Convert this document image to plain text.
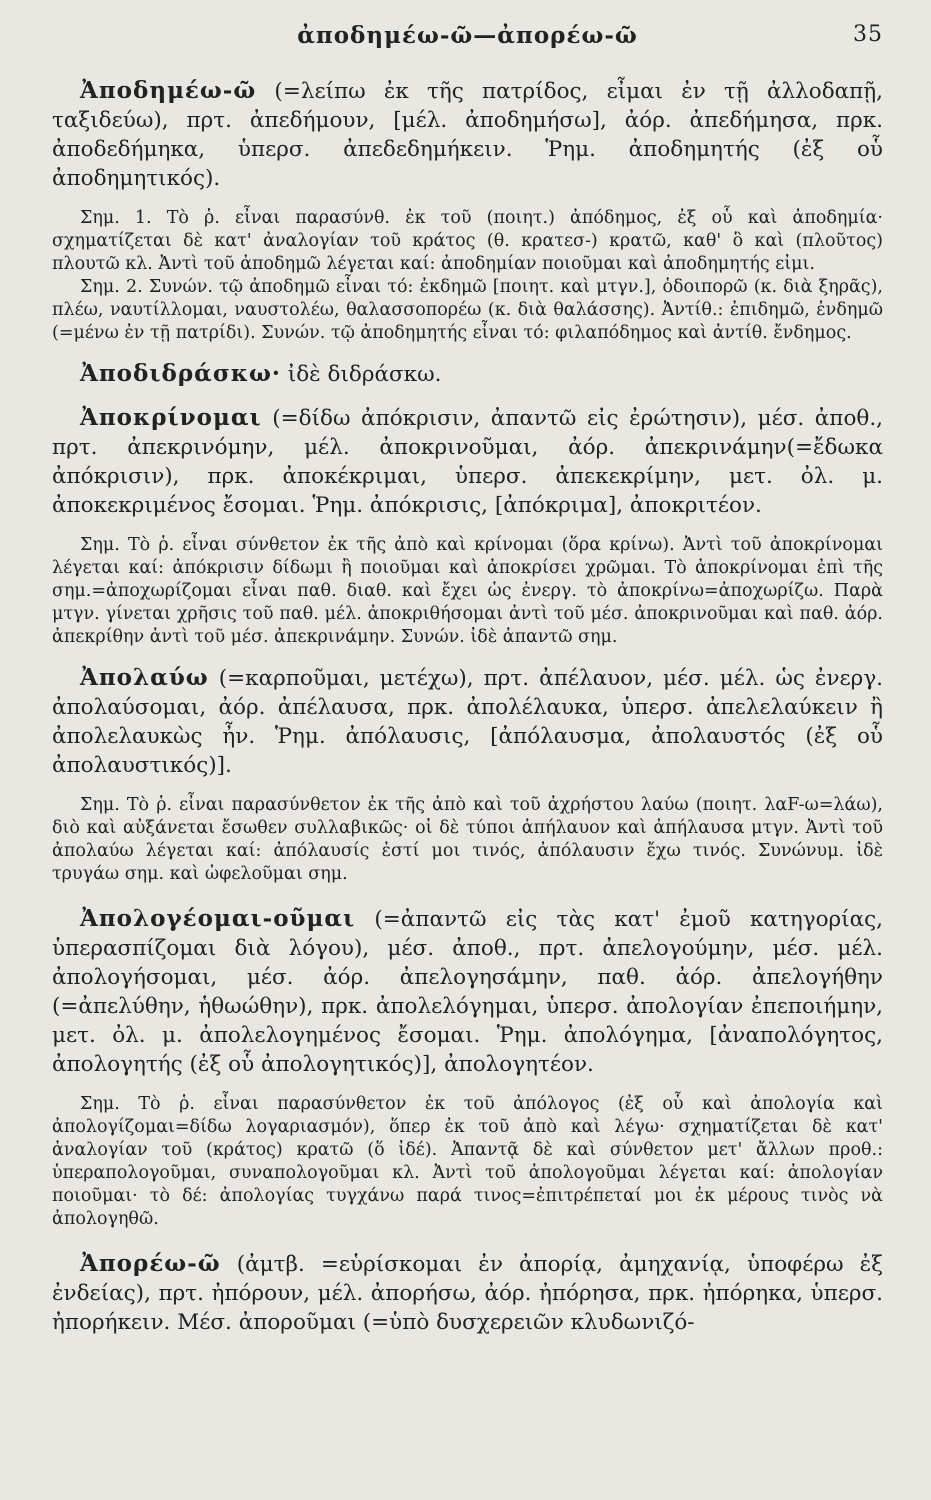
ἀποδημέω-ῶ—ἀπορέω-ῶ	35

Ἀποδημέω-ῶ (=λείπω ἐκ τῆς πατρίδος, εἶμαι ἐν τῇ ἀλλοδαπῇ, ταξιδεύω), πρτ. ἀπεδήμουν, [μέλ. ἀποδημήσω], ἀόρ. ἀπεδήμησα, πρκ. ἀποδεδήμηκα, ὑπερσ. ἀπεδεδημήκειν. Ῥημ. ἀποδημητής (ἐξ οὗ ἀποδημητικός).

Σημ. 1. Τὸ ῥ. εἶναι παρασύνθ. ἐκ τοῦ (ποιητ.) ἀπόδημος, ἐξ οὗ καὶ ἀποδημία· σχηματίζεται δὲ κατ' ἀναλογίαν τοῦ κράτος (θ. κρατεσ-) κρατῶ, καθ' ὃ καὶ (πλοῦτος) πλουτῶ κλ. Ἀντὶ τοῦ ἀποδημῶ λέγεται καί: ἀποδημίαν ποιοῦμαι καὶ ἀποδημητής εἰμι.

Σημ. 2. Συνών. τῷ ἀποδημῶ εἶναι τό: ἐκδημῶ [ποιητ. καὶ μτγν.], ὁδοιπορῶ (κ. διὰ ξηρᾶς), πλέω, ναυτίλλομαι, ναυστολέω, θαλασσοπορέω (κ. διὰ θαλάσσης). Ἀντίθ.: ἐπιδημῶ, ἐνδημῶ (=μένω ἐν τῇ πατρίδι). Συνών. τῷ ἀποδημητής εἶναι τό: φιλαπόδημος καὶ ἀντίθ. ἔνδημος.

Ἀποδιδράσκω· ἰδὲ διδράσκω.

Ἀποκρίνομαι (=δίδω ἀπόκρισιν, ἀπαντῶ εἰς ἐρώτησιν), μέσ. ἀποθ., πρτ. ἀπεκρινόμην, μέλ. ἀποκρινοῦμαι, ἀόρ. ἀπεκρινάμην(=ἔδωκα ἀπόκρισιν), πρκ. ἀποκέκριμαι, ὑπερσ. ἀπεκεκρίμην, μετ. ὀλ. μ. ἀποκεκριμένος ἔσομαι. Ῥημ. ἀπόκρισις, [ἀπόκριμα], ἀποκριτέον.

Σημ. Τὸ ῥ. εἶναι σύνθετον ἐκ τῆς ἀπὸ καὶ κρίνομαι (ὅρα κρίνω). Ἀντὶ τοῦ ἀποκρίνομαι λέγεται καί: ἀπόκρισιν δίδωμι ἢ ποιοῦμαι καὶ ἀποκρίσει χρῶμαι. Τὸ ἀποκρίνομαι ἐπὶ τῆς σημ.=ἀποχωρίζομαι εἶναι παθ. διαθ. καὶ ἔχει ὡς ἐνεργ. τὸ ἀποκρίνω=ἀποχωρίζω. Παρὰ μτγν. γίνεται χρῆσις τοῦ παθ. μέλ. ἀποκριθήσομαι ἀντὶ τοῦ μέσ. ἀποκρινοῦμαι καὶ παθ. ἀόρ. ἀπεκρίθην ἀντὶ τοῦ μέσ. ἀπεκρινάμην. Συνών. ἰδὲ ἀπαντῶ σημ.

Ἀπολαύω (=καρποῦμαι, μετέχω), πρτ. ἀπέλαυον, μέσ. μέλ. ὡς ἐνεργ. ἀπολαύσομαι, ἀόρ. ἀπέλαυσα, πρκ. ἀπολέλαυκα, ὑπερσ. ἀπελελαύκειν ἢ ἀπολελαυκὼς ἦν. Ῥημ. ἀπόλαυσις, [ἀπόλαυσμα, ἀπολαυστός (ἐξ οὗ ἀπολαυστικός)].

Σημ. Τὸ ῥ. εἶναι παρασύνθετον ἐκ τῆς ἀπὸ καὶ τοῦ ἀχρήστου λαύω (ποιητ. λαF-ω=λάω), διὸ καὶ αὐξάνεται ἔσωθεν συλλαβικῶς· οἱ δὲ τύποι ἀπήλαυον καὶ ἀπήλαυσα μτγν. Ἀντὶ τοῦ ἀπολαύω λέγεται καί: ἀπόλαυσίς ἐστί μοι τινός, ἀπόλαυσιν ἔχω τινός. Συνώνυμ. ἰδὲ τρυγάω σημ. καὶ ὠφελοῦμαι σημ.

Ἀπολογέομαι-οῦμαι (=ἀπαντῶ εἰς τὰς κατ' ἐμοῦ κατηγορίας, ὑπερασπίζομαι διὰ λόγου), μέσ. ἀποθ., πρτ. ἀπελογούμην, μέσ. μέλ. ἀπολογήσομαι, μέσ. ἀόρ. ἀπελογησάμην, παθ. ἀόρ. ἀπελογήθην (=ἀπελύθην, ἡθωώθην), πρκ. ἀπολελόγημαι, ὑπερσ. ἀπολογίαν ἐπεποιήμην, μετ. ὀλ. μ. ἀπολελογημένος ἔσομαι. Ῥημ. ἀπολόγημα, [ἀναπολόγητος, ἀπολογητής (ἐξ οὗ ἀπολογητικός)], ἀπολογητέον.

Σημ. Τὸ ῥ. εἶναι παρασύνθετον ἐκ τοῦ ἀπόλογος (ἐξ οὗ καὶ ἀπολογία καὶ ἀπολογίζομαι=δίδω λογαριασμόν), ὅπερ ἐκ τοῦ ἀπὸ καὶ λέγω· σχηματίζεται δὲ κατ' ἀναλογίαν τοῦ (κράτος) κρατῶ (ὅ ἰδέ). Ἀπαντᾷ δὲ καὶ σύνθετον μετ' ἄλλων προθ.: ὑπεραπολογοῦμαι, συναπολογοῦμαι κλ. Ἀντὶ τοῦ ἀπολογοῦμαι λέγεται καί: ἀπολογίαν ποιοῦμαι· τὸ δέ: ἀπολογίας τυγχάνω παρά τινος=ἐπιτρέπεταί μοι ἐκ μέρους τινὸς νὰ ἀπολογηθῶ.

Ἀπορέω-ῶ (ἀμτβ. =εὑρίσκομαι ἐν ἀπορίᾳ, ἀμηχανίᾳ, ὑποφέρω ἐξ ἐνδείας), πρτ. ἠπόρουν, μέλ. ἀπορήσω, ἀόρ. ἠπόρησα, πρκ. ἠπόρηκα, ὑπερσ. ἠπορήκειν. Μέσ. ἀποροῦμαι (=ὑπὸ δυσχερειῶν κλυδωνιζό-
